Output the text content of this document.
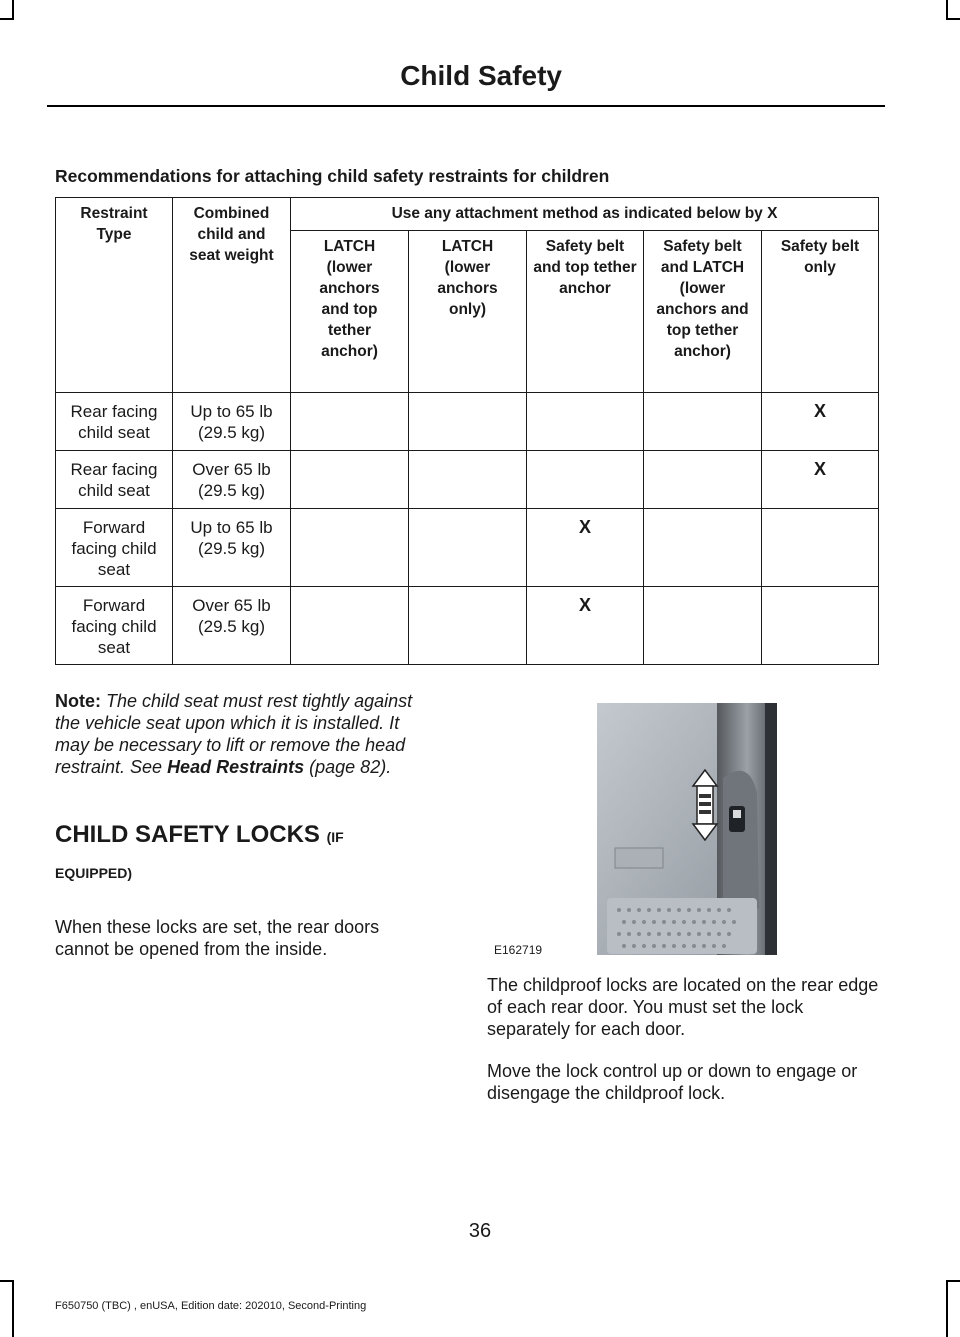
Child Safety

Recommendations for attaching child safety restraints for children

Restraint Type	Combined child and seat weight	Use any attachment method as indicated below by X				
		LATCH (lower anchors and top tether anchor)	LATCH (lower anchors only)	Safety belt and top tether anchor	Safety belt and LATCH (lower anchors and top tether anchor)	Safety belt only
Rear facing child seat	Up to 65 lb (29.5 kg)					X
Rear facing child seat	Over 65 lb (29.5 kg)					X
Forward facing child seat	Up to 65 lb (29.5 kg)			X		
Forward facing child seat	Over 65 lb (29.5 kg)			X		

Note: The child seat must rest tightly against the vehicle seat upon which it is installed. It may be necessary to lift or remove the head restraint. See Head Restraints (page 82).

CHILD SAFETY LOCKS (IF
EQUIPPED)

When these locks are set, the rear doors cannot be opened from the inside.	E162719

The childproof locks are located on the rear edge of each rear door. You must set the lock separately for each door.

Move the lock control up or down to engage or disengage the childproof lock.

36
F650750 (TBC) , enUSA, Edition date: 202010, Second-Printing
